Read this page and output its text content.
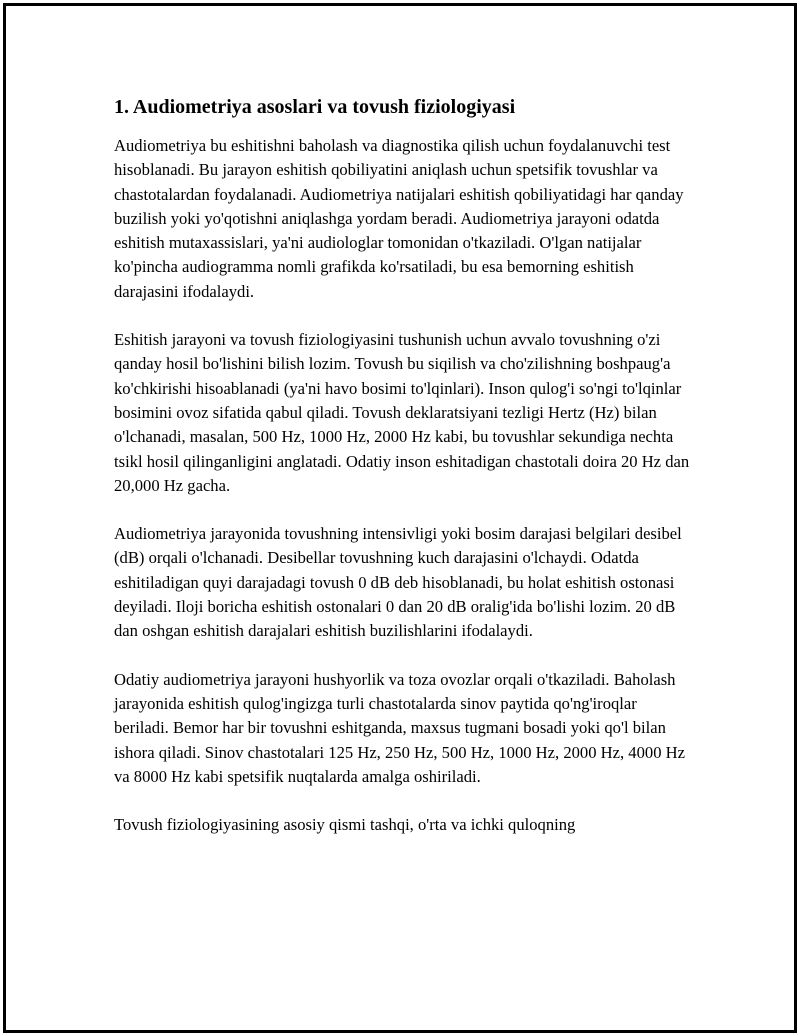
1. Audiometriya asoslari va tovush fiziologiyasi

Audiometriya bu eshitishni baholash va diagnostika qilish uchun foydalanuvchi test hisoblanadi. Bu jarayon eshitish qobiliyatini aniqlash uchun spetsifik tovushlar va chastotalardan foydalanadi. Audiometriya natijalari eshitish qobiliyatidagi har qanday buzilish yoki yo'qotishni aniqlashga yordam beradi. Audiometriya jarayoni odatda eshitish mutaxassislari, ya'ni audiologlar tomonidan o'tkaziladi. O'lgan natijalar ko'pincha audiogramma nomli grafikda ko'rsatiladi, bu esa bemorning eshitish darajasini ifodalaydi.

Eshitish jarayoni va tovush fiziologiyasini tushunish uchun avvalo tovushning o'zi qanday hosil bo'lishini bilish lozim. Tovush bu siqilish va cho'zilishning boshpaug'a ko'chkirishi hisoablanadi (ya'ni havo bosimi to'lqinlari). Inson qulog'i so'ngi to'lqinlar bosimini ovoz sifatida qabul qiladi. Tovush deklaratsiyani tezligi Hertz (Hz) bilan o'lchanadi, masalan, 500 Hz, 1000 Hz, 2000 Hz kabi, bu tovushlar sekundiga nechta tsikl hosil qilinganligini anglatadi. Odatiy inson eshitadigan chastotali doira 20 Hz dan 20,000 Hz gacha.

Audiometriya jarayonida tovushning intensivligi yoki bosim darajasi belgilari desibel (dB) orqali o'lchanadi. Desibellar tovushning kuch darajasini o'lchaydi. Odatda eshitiladigan quyi darajadagi tovush 0 dB deb hisoblanadi, bu holat eshitish ostonasi deyiladi. Iloji boricha eshitish ostonalari 0 dan 20 dB oralig'ida bo'lishi lozim. 20 dB dan oshgan eshitish darajalari eshitish buzilishlarini ifodalaydi.

Odatiy audiometriya jarayoni hushyorlik va toza ovozlar orqali o'tkaziladi. Baholash jarayonida eshitish qulog'ingizga turli chastotalarda sinov paytida qo'ng'iroqlar beriladi. Bemor har bir tovushni eshitganda, maxsus tugmani bosadi yoki qo'l bilan ishora qiladi. Sinov chastotalari 125 Hz, 250 Hz, 500 Hz, 1000 Hz, 2000 Hz, 4000 Hz va 8000 Hz kabi spetsifik nuqtalarda amalga oshiriladi.

Tovush fiziologiyasining asosiy qismi tashqi, o'rta va ichki quloqning
